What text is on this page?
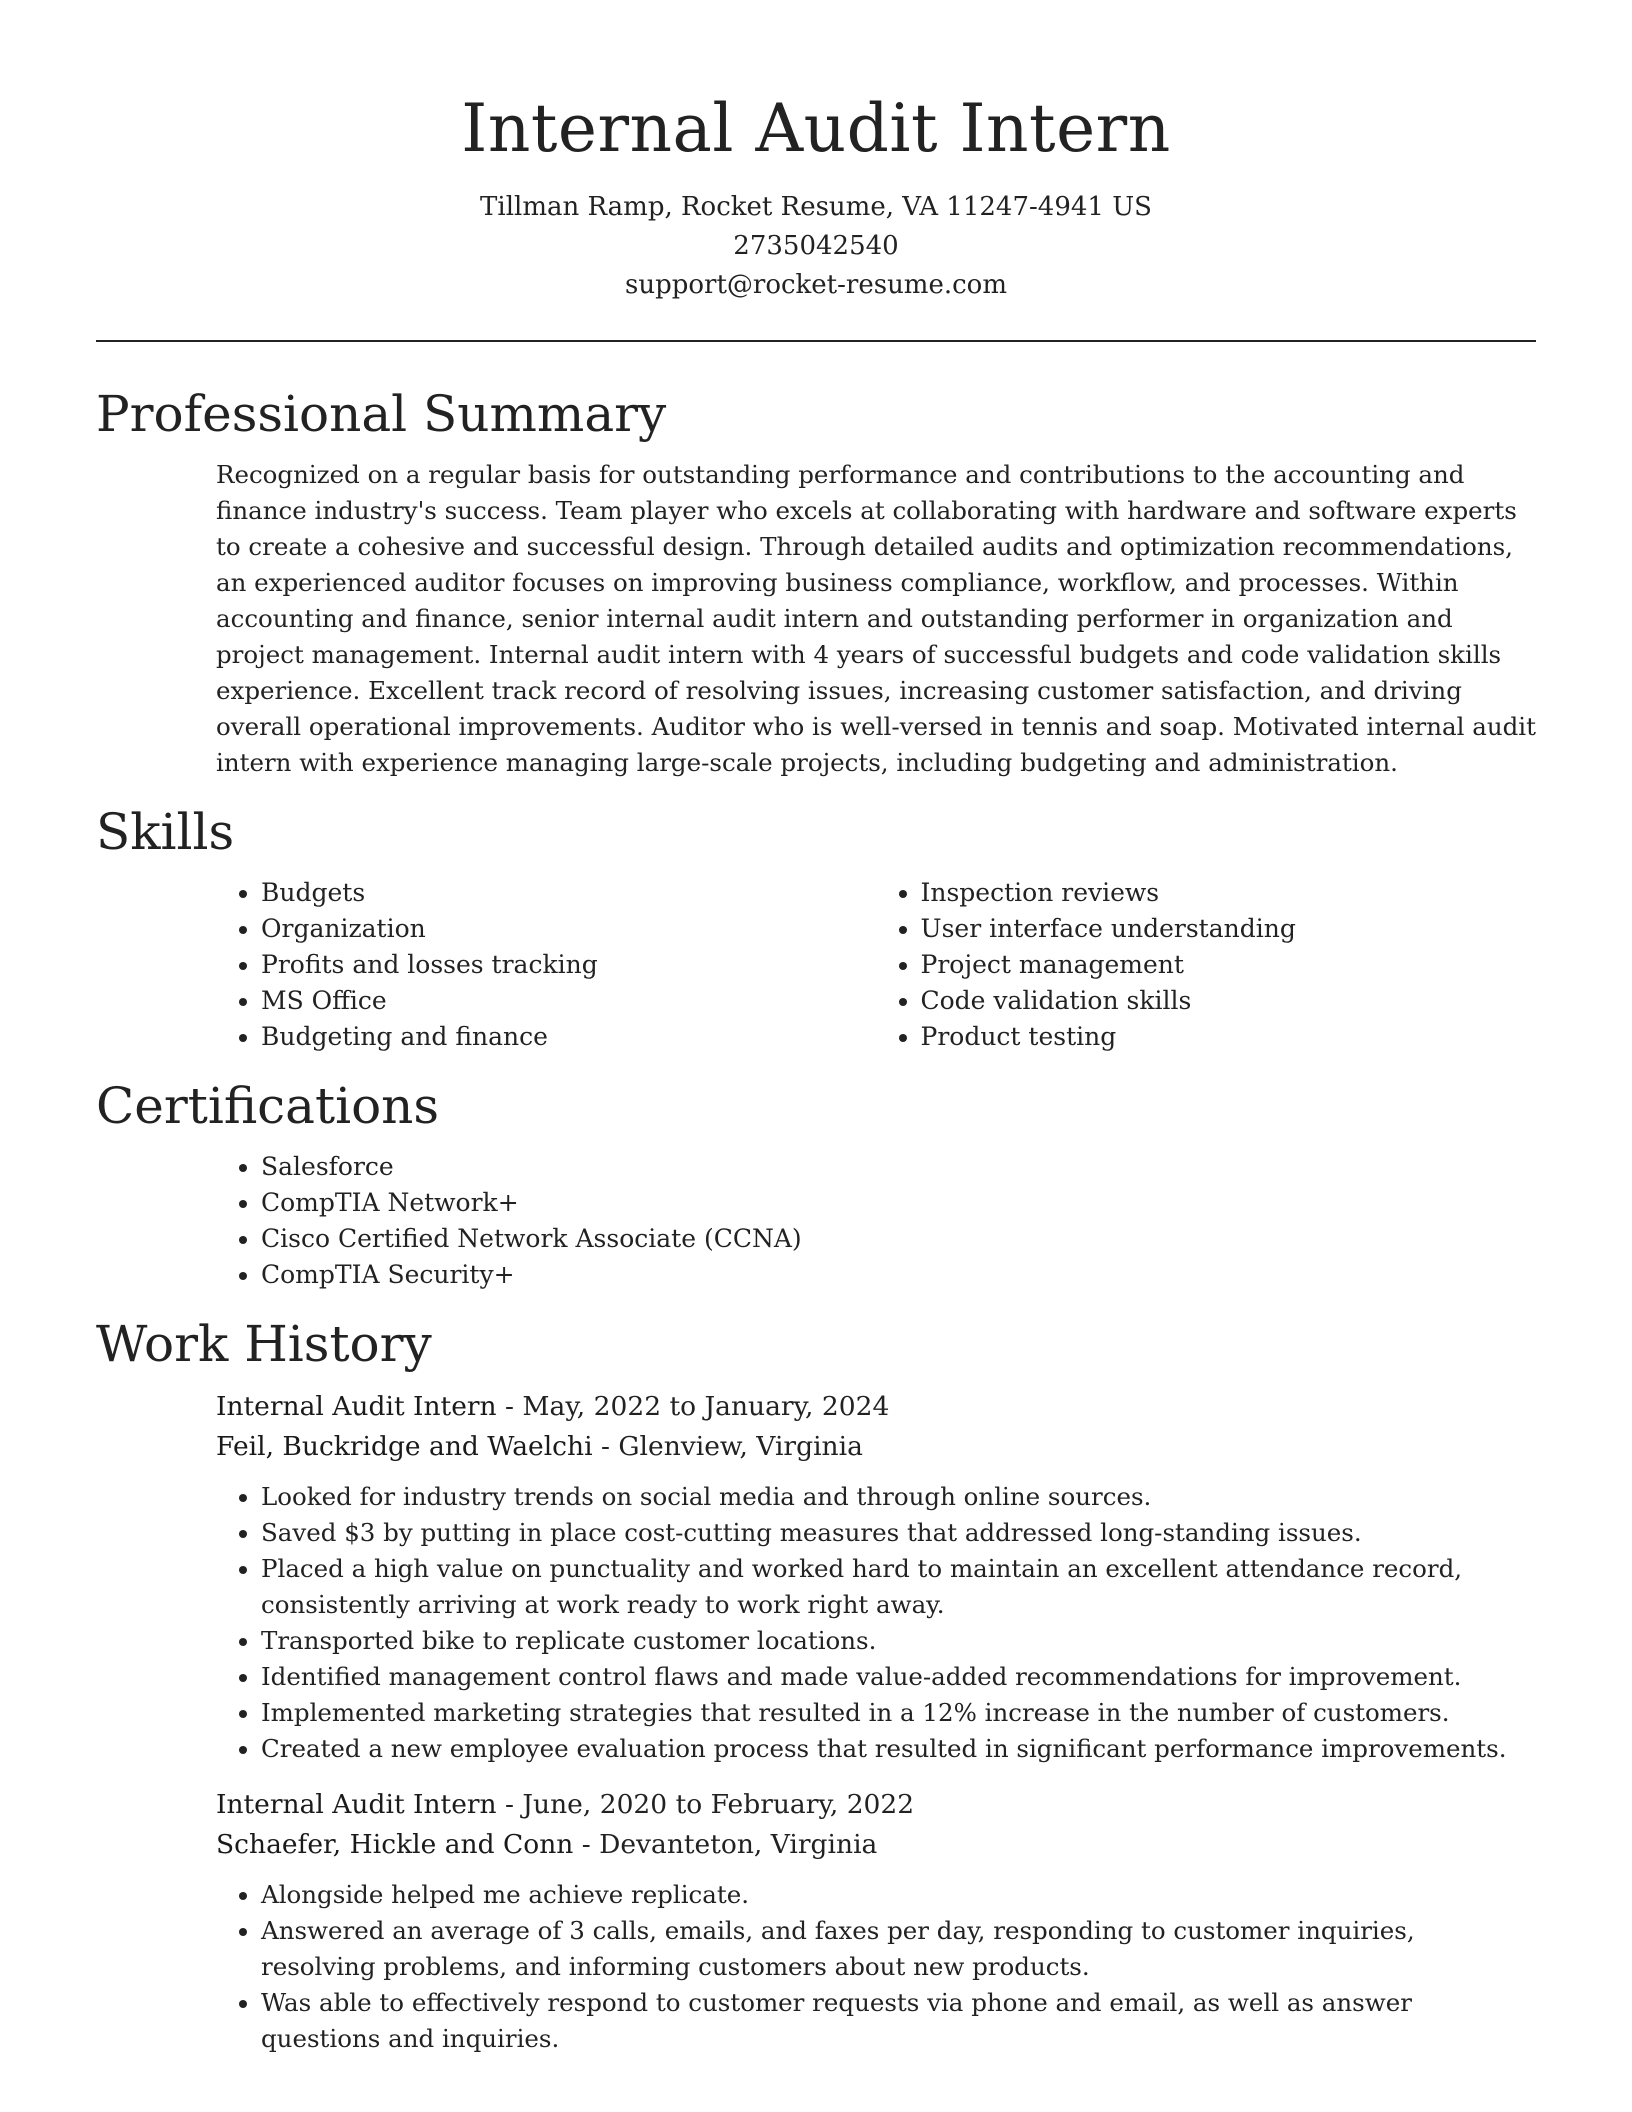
Internal Audit Intern
Tillman Ramp, Rocket Resume, VA 11247-4941 US
2735042540
support@rocket-resume.com
Professional Summary

Recognized on a regular basis for outstanding performance and contributions to the accounting and finance industry's success. Team player who excels at collaborating with hardware and software experts to create a cohesive and successful design. Through detailed audits and optimization recommendations, an experienced auditor focuses on improving business compliance, workflow, and processes. Within accounting and finance, senior internal audit intern and outstanding performer in organization and project management. Internal audit intern with 4 years of successful budgets and code validation skills experience. Excellent track record of resolving issues, increasing customer satisfaction, and driving overall operational improvements. Auditor who is well-versed in tennis and soap. Motivated internal audit intern with experience managing large-scale projects, including budgeting and administration.

Skills
• Budgets
• Organization
• Profits and losses tracking
• MS Office
• Budgeting and finance
• Inspection reviews
• User interface understanding
• Project management
• Code validation skills
• Product testing
Certifications
• Salesforce
• CompTIA Network+
• Cisco Certified Network Associate (CCNA)
• CompTIA Security+
Work History
Internal Audit Intern - May, 2022 to January, 2024
Feil, Buckridge and Waelchi - Glenview, Virginia
• Looked for industry trends on social media and through online sources.
• Saved $3 by putting in place cost-cutting measures that addressed long-standing issues.
• Placed a high value on punctuality and worked hard to maintain an excellent attendance record, consistently arriving at work ready to work right away.
• Transported bike to replicate customer locations.
• Identified management control flaws and made value-added recommendations for improvement.
• Implemented marketing strategies that resulted in a 12% increase in the number of customers.
• Created a new employee evaluation process that resulted in significant performance improvements.
Internal Audit Intern - June, 2020 to February, 2022
Schaefer, Hickle and Conn - Devanteton, Virginia
• Alongside helped me achieve replicate.
• Answered an average of 3 calls, emails, and faxes per day, responding to customer inquiries, resolving problems, and informing customers about new products.
• Was able to effectively respond to customer requests via phone and email, as well as answer questions and inquiries.
